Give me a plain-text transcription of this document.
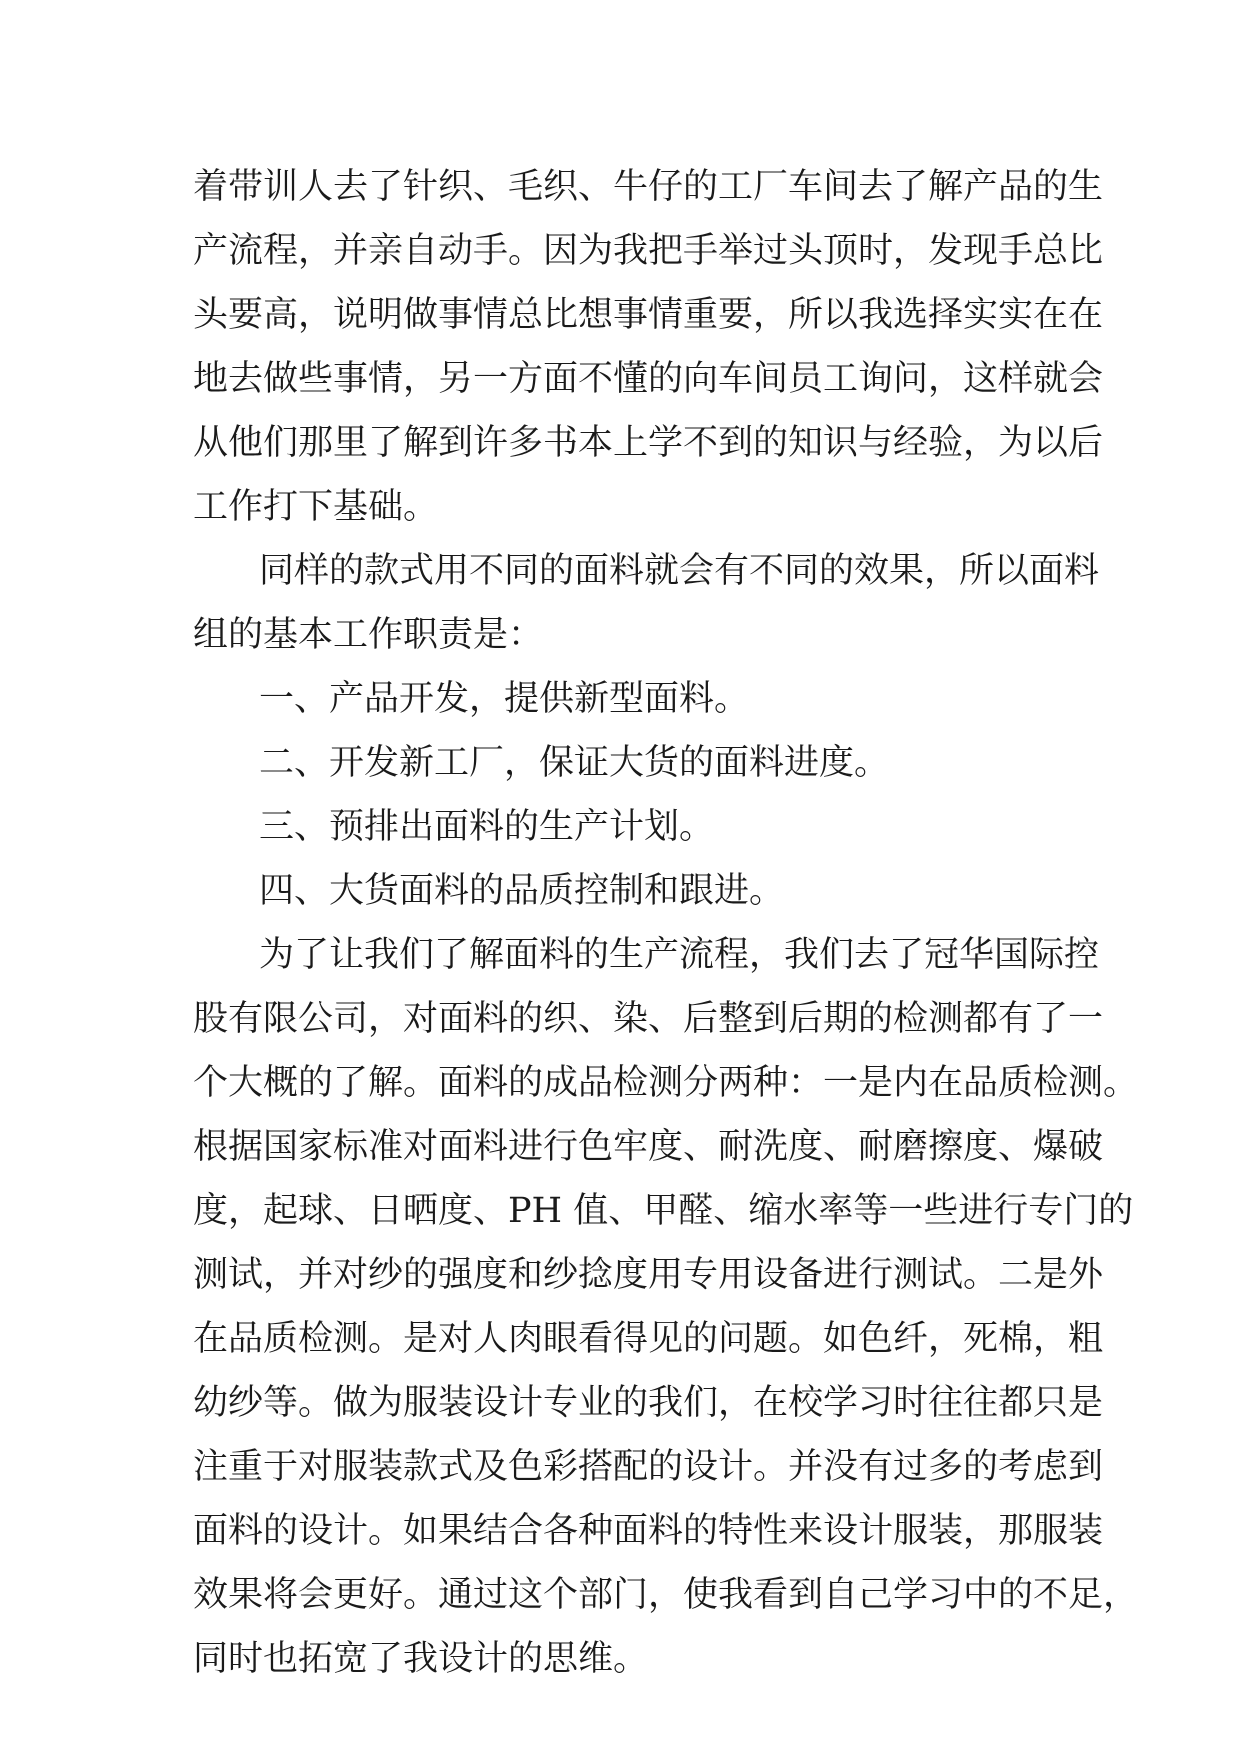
着带训人去了针织、毛织、牛仔的工厂车间去了解产品的生
产流程，并亲自动手。因为我把手举过头顶时，发现手总比
头要高，说明做事情总比想事情重要，所以我选择实实在在
地去做些事情，另一方面不懂的向车间员工询问，这样就会
从他们那里了解到许多书本上学不到的知识与经验，为以后
工作打下基础。
同样的款式用不同的面料就会有不同的效果，所以面料
组的基本工作职责是：
一、产品开发，提供新型面料。
二、开发新工厂，保证大货的面料进度。
三、预排出面料的生产计划。
四、大货面料的品质控制和跟进。
为了让我们了解面料的生产流程，我们去了冠华国际控
股有限公司，对面料的织、染、后整到后期的检测都有了一
个大概的了解。面料的成品检测分两种：一是内在品质检测。
根据国家标准对面料进行色牢度、耐洗度、耐磨擦度、爆破
度，起球、日晒度、PH 值、甲醛、缩水率等一些进行专门的
测试，并对纱的强度和纱捻度用专用设备进行测试。二是外
在品质检测。是对人肉眼看得见的问题。如色纤，死棉，粗
幼纱等。做为服装设计专业的我们，在校学习时往往都只是
注重于对服装款式及色彩搭配的设计。并没有过多的考虑到
面料的设计。如果结合各种面料的特性来设计服装，那服装
效果将会更好。通过这个部门，使我看到自己学习中的不足，
同时也拓宽了我设计的思维。
